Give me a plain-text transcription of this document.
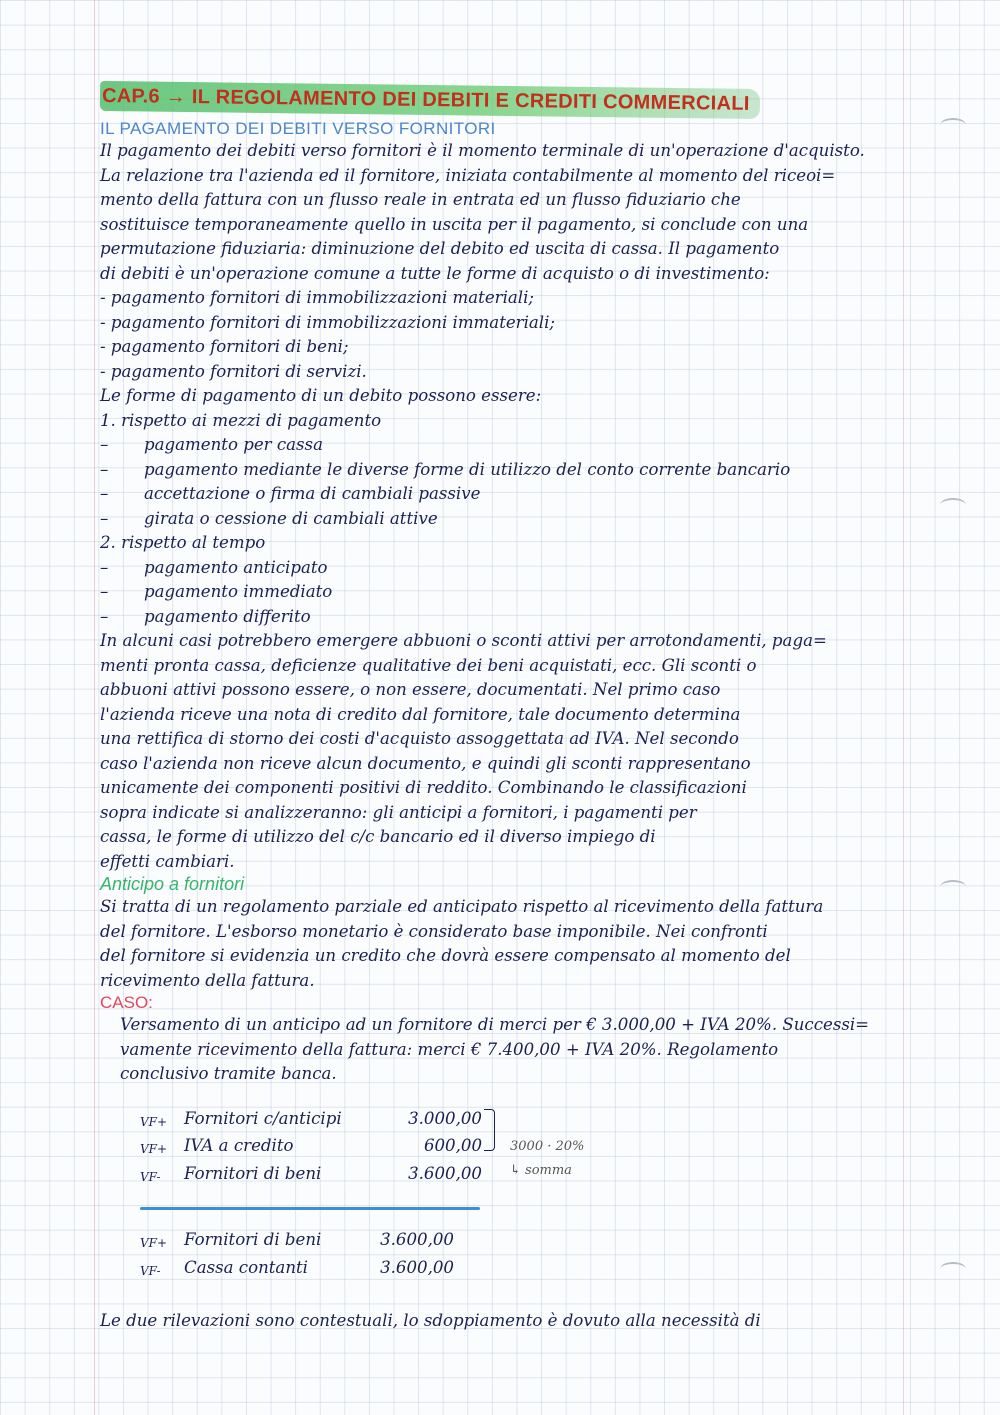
CAP.6 → IL REGOLAMENTO DEI DEBITI E CREDITI COMMERCIALI
IL PAGAMENTO DEI DEBITI VERSO FORNITORI

Il pagamento dei debiti verso fornitori è il momento terminale di un'operazione d'acquisto.

La relazione tra l'azienda ed il fornitore, iniziata contabilmente al momento del riceoi=

mento della fattura con un flusso reale in entrata ed un flusso fiduziario che

sostituisce temporaneamente quello in uscita per il pagamento, si conclude con una

permutazione fiduziaria: diminuzione del debito ed uscita di cassa. Il pagamento

di debiti è un'operazione comune a tutte le forme di acquisto o di investimento:

- pagamento fornitori di immobilizzazioni materiali;
- pagamento fornitori di immobilizzazioni immateriali;
- pagamento fornitori di beni;
- pagamento fornitori di servizi.

Le forme di pagamento di un debito possono essere:

1. rispetto ai mezzi di pagamento

– pagamento per cassa
– pagamento mediante le diverse forme di utilizzo del conto corrente bancario
– accettazione o firma di cambiali passive
– girata o cessione di cambiali attive

2. rispetto al tempo

– pagamento anticipato
– pagamento immediato
– pagamento differito

In alcuni casi potrebbero emergere abbuoni o sconti attivi per arrotondamenti, paga=

menti pronta cassa, deficienze qualitative dei beni acquistati, ecc. Gli sconti o

abbuoni attivi possono essere, o non essere, documentati. Nel primo caso

l'azienda riceve una nota di credito dal fornitore, tale documento determina

una rettifica di storno dei costi d'acquisto assoggettata ad IVA. Nel secondo

caso l'azienda non riceve alcun documento, e quindi gli sconti rappresentano

unicamente dei componenti positivi di reddito. Combinando le classificazioni

sopra indicate si analizzeranno: gli anticipi a fornitori, i pagamenti per

cassa, le forme di utilizzo del c/c bancario ed il diverso impiego di

effetti cambiari.

Anticipo a fornitori

Si tratta di un regolamento parziale ed anticipato rispetto al ricevimento della fattura

del fornitore. L'esborso monetario è considerato base imponibile. Nei confronti

del fornitore si evidenzia un credito che dovrà essere compensato al momento del

ricevimento della fattura.

CASO:

Versamento di un anticipo ad un fornitore di merci per € 3.000,00 + IVA 20%. Successi=

vamente ricevimento della fattura: merci € 7.400,00 + IVA 20%. Regolamento

conclusivo tramite banca.

VF+	Fornitori c/anticipi	3.000,00
VF+	IVA a credito	600,00
VF-	Fornitori di beni	3.600,00
3000 · 20%
↳ somma
VF+	Fornitori di beni	3.600,00
VF-	Cassa contanti	3.600,00

Le due rilevazioni sono contestuali, lo sdoppiamento è dovuto alla necessità di
